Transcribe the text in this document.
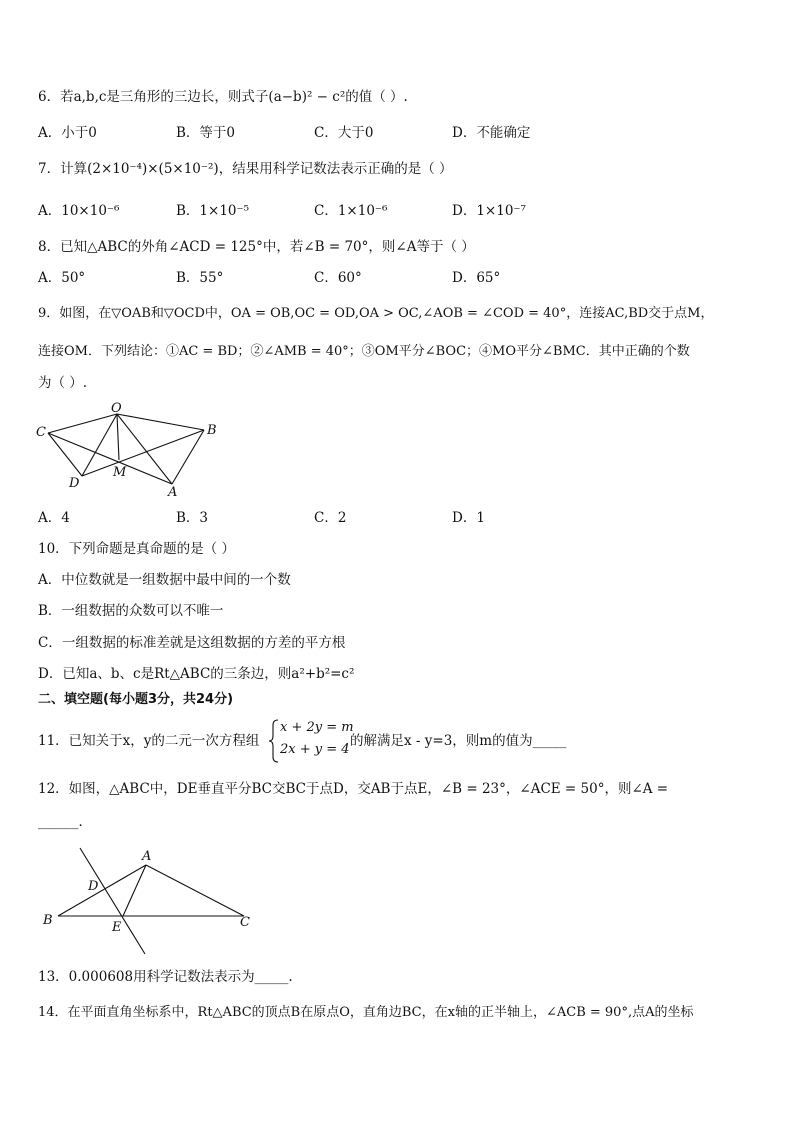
6．若a,b,c是三角形的三边长，则式子(a−b)² − c²的值（ ）.
A．小于0	B．等于0	C．大于0	D．不能确定
7．计算(2×10⁻⁴)×(5×10⁻²)，结果用科学记数法表示正确的是（ ）
A．10×10⁻⁶	B．1×10⁻⁵	C．1×10⁻⁶	D．1×10⁻⁷
8．已知△ABC的外角∠ACD = 125°中，若∠B = 70°，则∠A等于（ ）
A．50°	B．55°	C．60°	D．65°
9．如图，在▽OAB和▽OCD中，OA = OB,OC = OD,OA > OC,∠AOB = ∠COD = 40°，连接AC,BD交于点M，
连接OM．下列结论：①AC = BD；②∠AMB = 40°；③OM平分∠BOC；④MO平分∠BMC．其中正确的个数
为（ ）.
O
C	B
M
D
A
A．4	B．3	C．2	D．1
10．下列命题是真命题的是（ ）
A．中位数就是一组数据中最中间的一个数
B．一组数据的众数可以不唯一
C．一组数据的标准差就是这组数据的方差的平方根
D．已知a、b、c是Rt△ABC的三条边，则a²+b²=c²
二、填空题(每小题3分，共24分)
11．已知关于x，y的二元一次方程组
x + 2y = m
2x + y = 4
的解满足x - y=3，则m的值为_____
12．如图，△ABC中，DE垂直平分BC交BC于点D，交AB于点E，∠B = 23°，∠ACE = 50°，则∠A =
______．
A
D
B	E	C
13．0.000608用科学记数法表示为_____.
14．在平面直角坐标系中，Rt△ABC的顶点B在原点O，直角边BC，在x轴的正半轴上，∠ACB = 90°,点A的坐标
